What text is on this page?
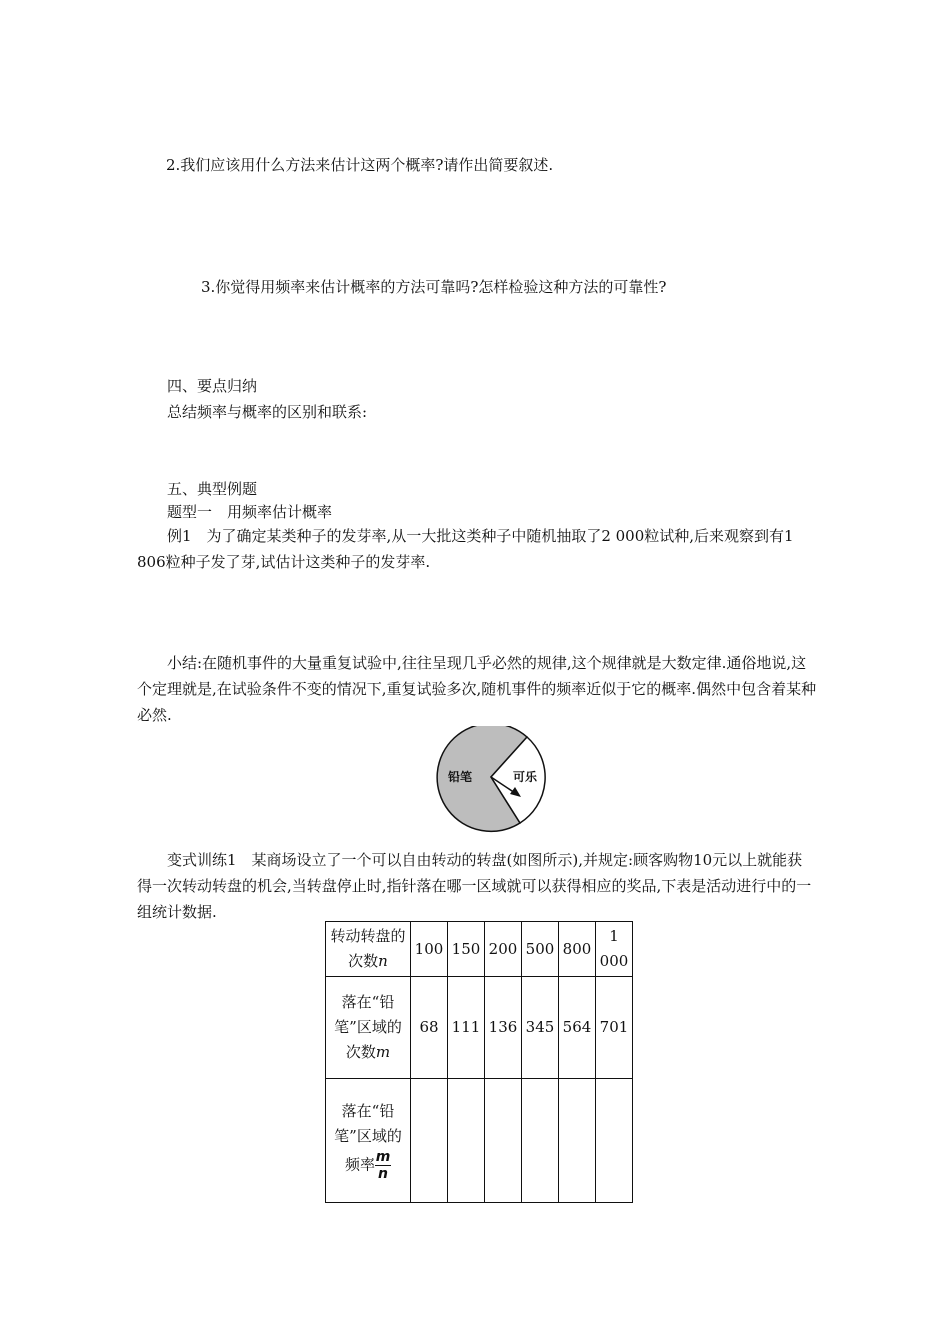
2.我们应该用什么方法来估计这两个概率?请作出简要叙述.
3.你觉得用频率来估计概率的方法可靠吗?怎样检验这种方法的可靠性?
四、要点归纳
总结频率与概率的区别和联系:
五、典型例题
题型一　用频率估计概率
例1　为了确定某类种子的发芽率,从一大批这类种子中随机抽取了2 000粒试种,后来观察到有1 806粒种子发了芽,试估计这类种子的发芽率.
小结:在随机事件的大量重复试验中,往往呈现几乎必然的规律,这个规律就是大数定律.通俗地说,这个定理就是,在试验条件不变的情况下,重复试验多次,随机事件的频率近似于它的概率.偶然中包含着某种必然.
铅笔	可乐
变式训练1　某商场设立了一个可以自由转动的转盘(如图所示),并规定:顾客购物10元以上就能获得一次转动转盘的机会,当转盘停止时,指针落在哪一区域就可以获得相应的奖品,下表是活动进行中的一组统计数据.
转动转盘的次数n	100	150	200	500	800	1 000
落在“铅笔”区域的次数m	68	111	136	345	564	701
落在“铅笔”区域的频率 $\frac{m}{n}$
